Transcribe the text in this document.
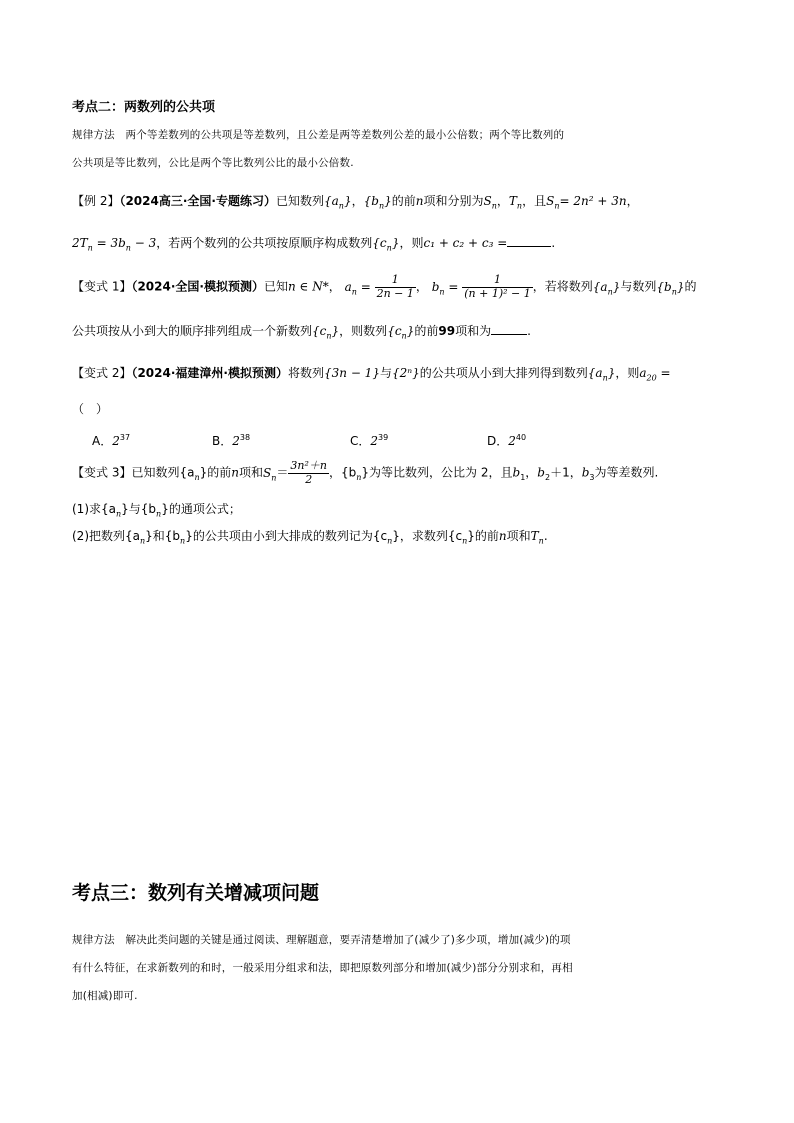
考点二：两数列的公共项
规律方法　两个等差数列的公共项是等差数列，且公差是两等差数列公差的最小公倍数；两个等比数列的
公共项是等比数列，公比是两个等比数列公比的最小公倍数.
【例 2】（2024高三·全国·专题练习）已知数列$\{a_n\}$，$\{b_n\}$的前n项和分别为$S_n$，$T_n$，且$S_n= 2n^2 + 3n$，
$2T_n = 3b_n - 3$，若两个数列的公共项按原顺序构成数列$\{c_n\}$，则c₁ + c₂ + c₃ =	.
【变式 1】（2024·全国·模拟预测）已知n ∈ N*， $a_n = \frac{1}{2n - 1}$ ， $b_n = \frac{1}{\text{(n + 1)² − 1}}$ ，若将数列$\{a_n\}$与数列$\{b_n\}$的
公共项按从小到大的顺序排列组成一个新数列$\{c_n\}$，则数列$\{c_n\}$的前99项和为	.
【变式 2】（2024·福建漳州·模拟预测）将数列{3n − 1}与{2ⁿ}的公共项从小到大排列得到数列$\{a_n\}$，则$a_{20}$ =
（　）
A．$2^{37}$	B．$2^{38}$	C．$2^{39}$	D．$2^{40}$
【变式 3】已知数列$\{a_n\}$的前n项和$S_n= \frac{\text{3n²＋n}}{2}$ ，$\{b_n\}$为等比数列，公比为 2，且$b_1$，$b_2+1$，$b_3$为等差数列.
(1)求$\{a_n\}$与$\{b_n\}$的通项公式；
(2)把数列$\{a_n\}$和$\{b_n\}$的公共项由小到大排成的数列记为$\{c_n\}$，求数列$\{c_n\}$的前n项和$T_n$.
考点三：数列有关增减项问题
规律方法　解决此类问题的关键是通过阅读、理解题意，要弄清楚增加了(减少了)多少项，增加(减少)的项
有什么特征，在求新数列的和时，一般采用分组求和法，即把原数列部分和增加(减少)部分分别求和，再相
加(相减)即可.
